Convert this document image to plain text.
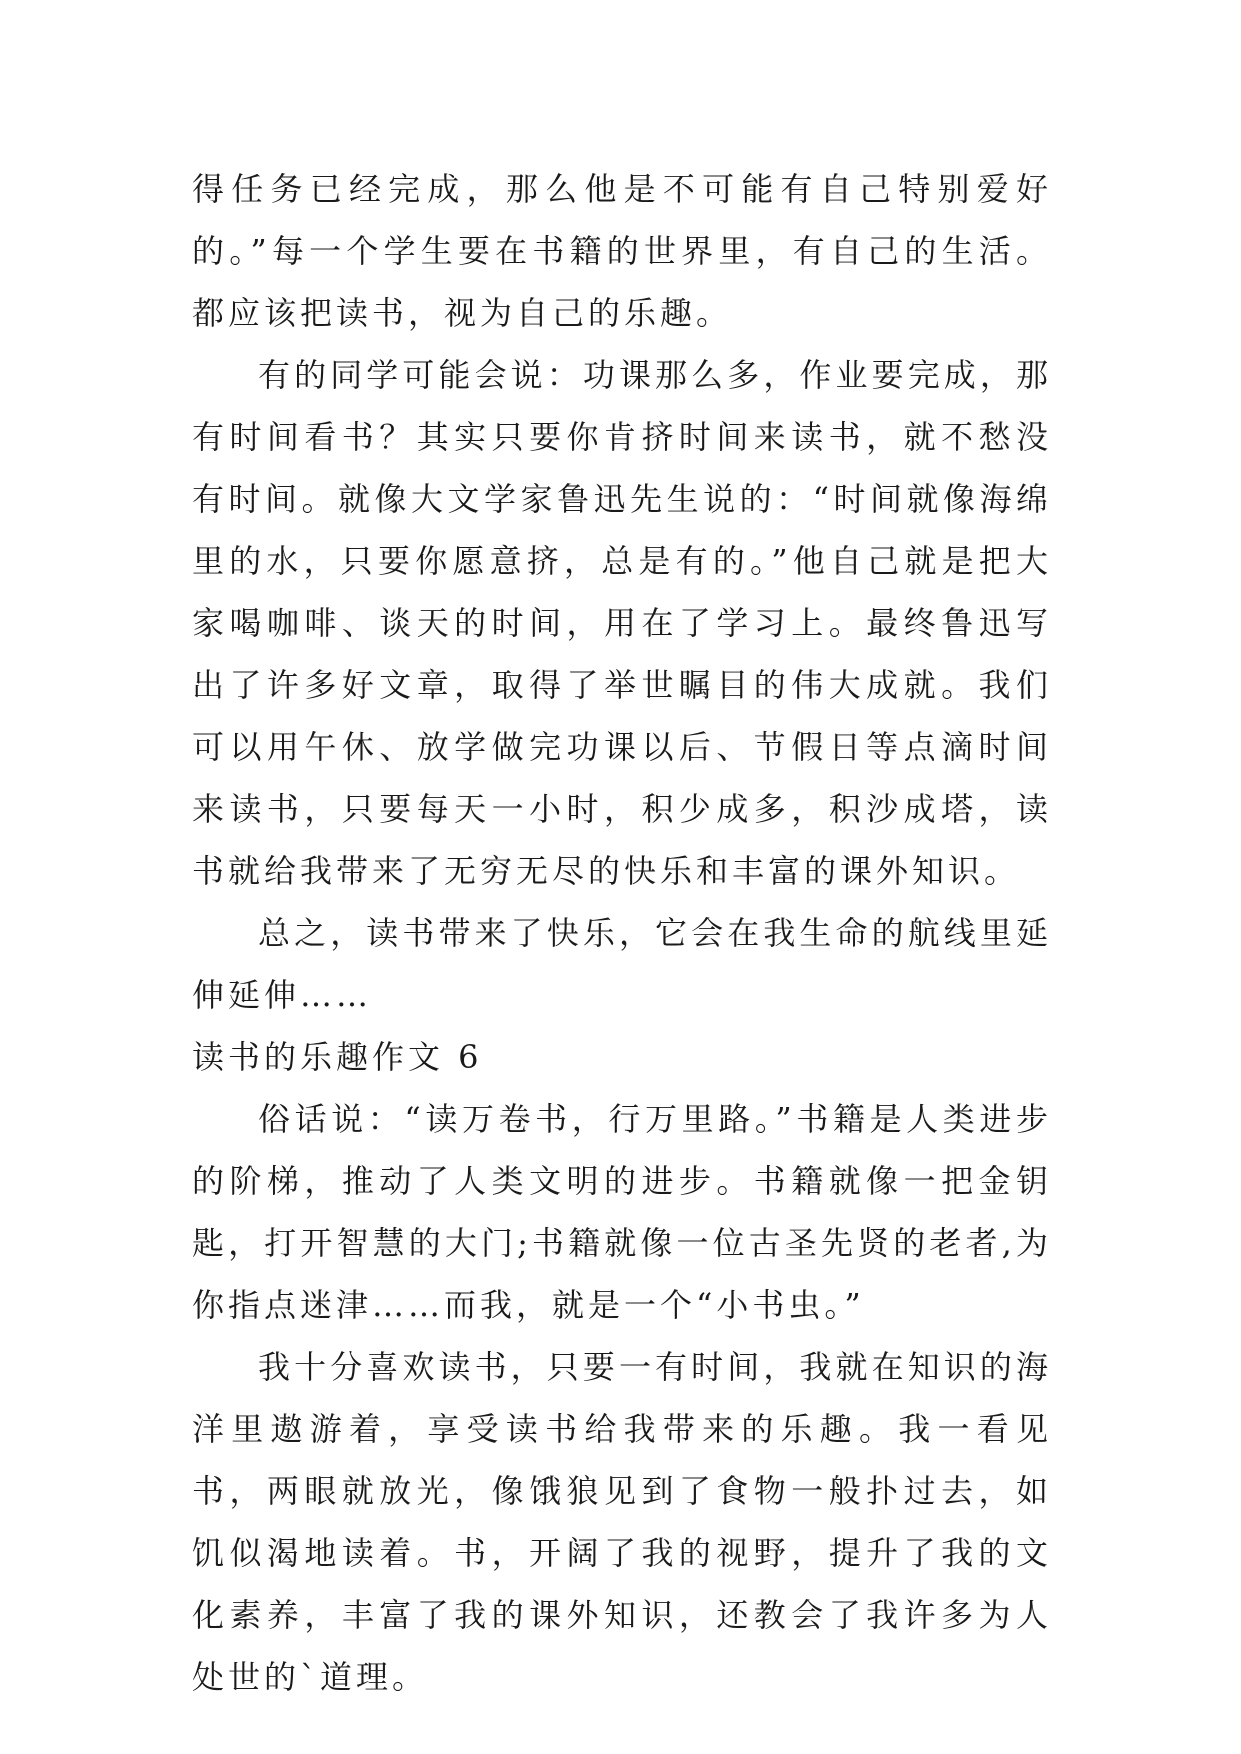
得任务已经完成，那么他是不可能有自己特别爱好的。”每一个学生要在书籍的世界里，有自己的生活。都应该把读书，视为自己的乐趣。

有的同学可能会说：功课那么多，作业要完成，那有时间看书？其实只要你肯挤时间来读书，就不愁没有时间。就像大文学家鲁迅先生说的：“时间就像海绵里的水，只要你愿意挤，总是有的。”他自己就是把大家喝咖啡、谈天的时间，用在了学习上。最终鲁迅写出了许多好文章，取得了举世瞩目的伟大成就。我们可以用午休、放学做完功课以后、节假日等点滴时间来读书，只要每天一小时，积少成多，积沙成塔，读书就给我带来了无穷无尽的快乐和丰富的课外知识。

总之，读书带来了快乐，它会在我生命的航线里延伸延伸……

读书的乐趣作文 6

俗话说：“读万卷书，行万里路。”书籍是人类进步的阶梯，推动了人类文明的进步。书籍就像一把金钥匙，打开智慧的大门;书籍就像一位古圣先贤的老者,为你指点迷津……而我，就是一个“小书虫。”

我十分喜欢读书，只要一有时间，我就在知识的海洋里遨游着，享受读书给我带来的乐趣。我一看见书，两眼就放光，像饿狼见到了食物一般扑过去，如饥似渴地读着。书，开阔了我的视野，提升了我的文化素养，丰富了我的课外知识，还教会了我许多为人处世的`道理。
